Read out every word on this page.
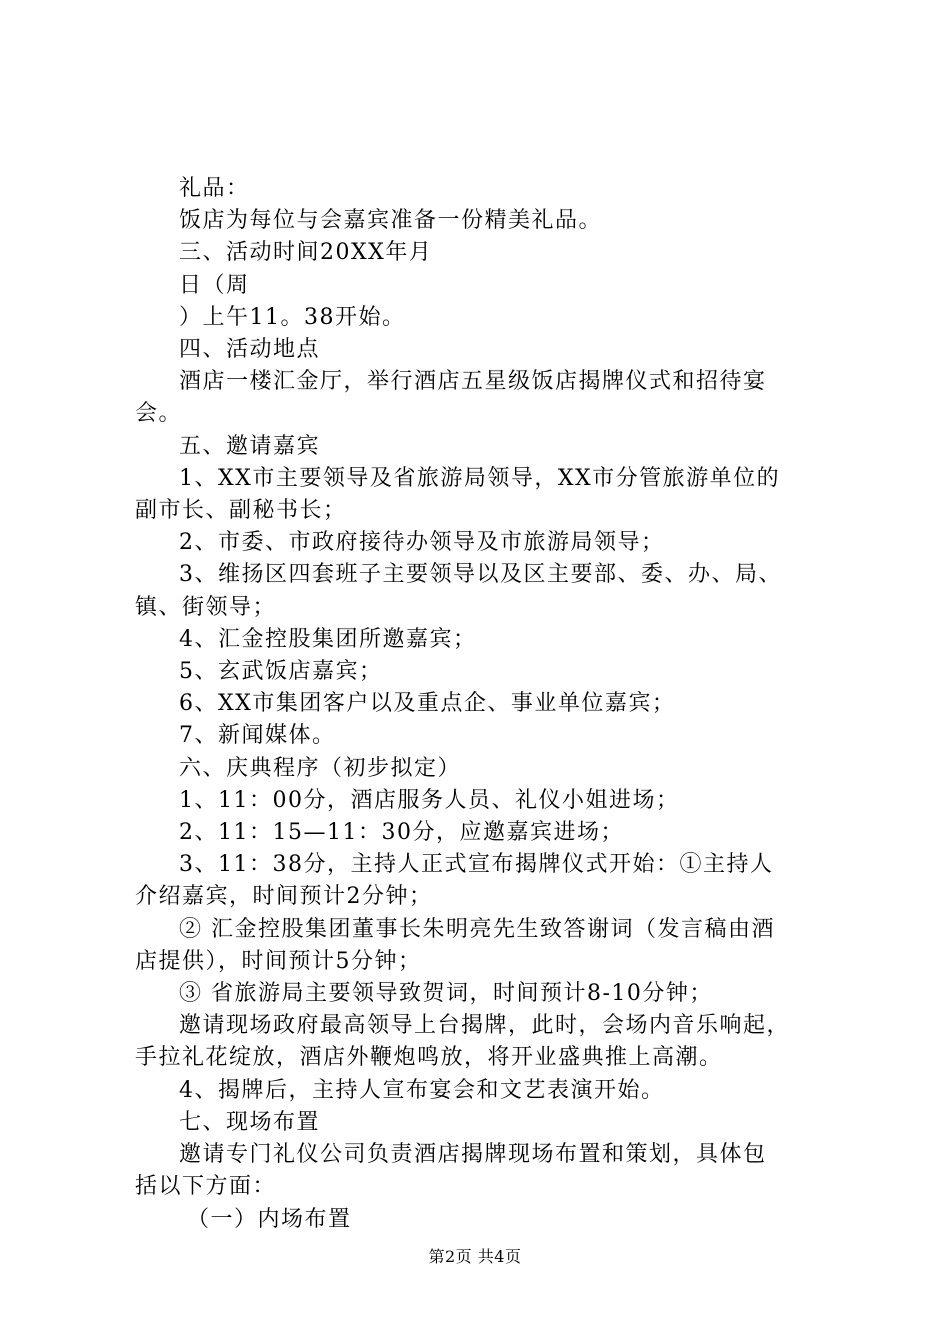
礼品：
饭店为每位与会嘉宾准备一份精美礼品。
三、活动时间20XX年月
日（周
）上午11。38开始。
四、活动地点
酒店一楼汇金厅，举行酒店五星级饭店揭牌仪式和招待宴
会。
五、邀请嘉宾
1、XX市主要领导及省旅游局领导，XX市分管旅游单位的
副市长、副秘书长；
2、市委、市政府接待办领导及市旅游局领导；
3、维扬区四套班子主要领导以及区主要部、委、办、局、
镇、街领导；
4、汇金控股集团所邀嘉宾；
5、玄武饭店嘉宾；
6、XX市集团客户以及重点企、事业单位嘉宾；
7、新闻媒体。
六、庆典程序（初步拟定）
1、11：00分，酒店服务人员、礼仪小姐进场；
2、11：15—11：30分，应邀嘉宾进场；
3、11：38分，主持人正式宣布揭牌仪式开始：①主持人
介绍嘉宾，时间预计2分钟；
② 汇金控股集团董事长朱明亮先生致答谢词（发言稿由酒
店提供），时间预计5分钟；
③ 省旅游局主要领导致贺词，时间预计8-10分钟；
邀请现场政府最高领导上台揭牌，此时，会场内音乐响起，
手拉礼花绽放，酒店外鞭炮鸣放，将开业盛典推上高潮。
4、揭牌后，主持人宣布宴会和文艺表演开始。
七、现场布置
邀请专门礼仪公司负责酒店揭牌现场布置和策划，具体包
括以下方面：
（一）内场布置
第2页 共4页
